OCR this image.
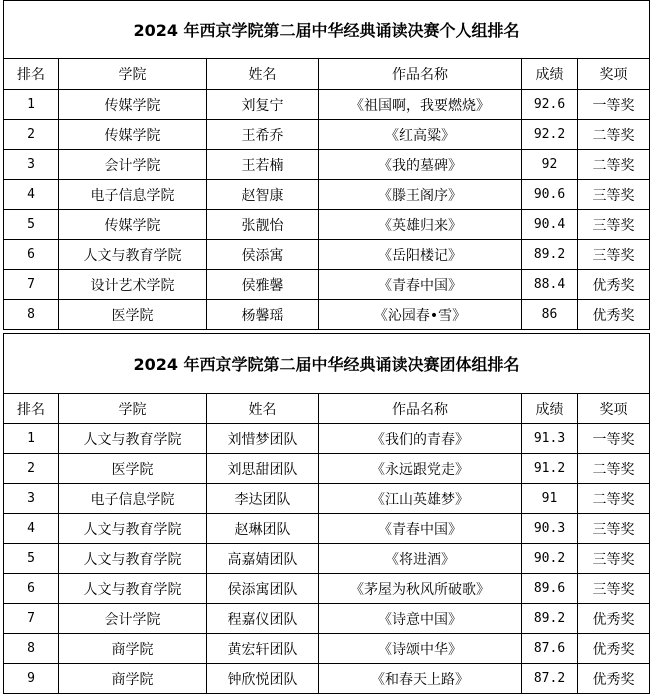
2024 年西京学院第二届中华经典诵读决赛个人组排名					
排名	学院	姓名	作品名称	成绩	奖项
1	传媒学院	刘复宁	《祖国啊，我要燃烧》	92.6	一等奖
2	传媒学院	王希乔	《红高粱》	92.2	二等奖
3	会计学院	王若楠	《我的墓碑》	92	二等奖
4	电子信息学院	赵智康	《滕王阁序》	90.6	三等奖
5	传媒学院	张靓怡	《英雄归来》	90.4	三等奖
6	人文与教育学院	侯添寓	《岳阳楼记》	89.2	三等奖
7	设计艺术学院	侯雅馨	《青春中国》	88.4	优秀奖
8	医学院	杨馨瑶	《沁园春•雪》	86	优秀奖
2024 年西京学院第二届中华经典诵读决赛团体组排名					
排名	学院	姓名	作品名称	成绩	奖项
1	人文与教育学院	刘惜梦团队	《我们的青春》	91.3	一等奖
2	医学院	刘思甜团队	《永远跟党走》	91.2	二等奖
3	电子信息学院	李达团队	《江山英雄梦》	91	二等奖
4	人文与教育学院	赵琳团队	《青春中国》	90.3	三等奖
5	人文与教育学院	高嘉婧团队	《将进酒》	90.2	三等奖
6	人文与教育学院	侯添寓团队	《茅屋为秋风所破歌》	89.6	三等奖
7	会计学院	程嘉仪团队	《诗意中国》	89.2	优秀奖
8	商学院	黄宏轩团队	《诗颂中华》	87.6	优秀奖
9	商学院	钟欣悦团队	《和春天上路》	87.2	优秀奖
